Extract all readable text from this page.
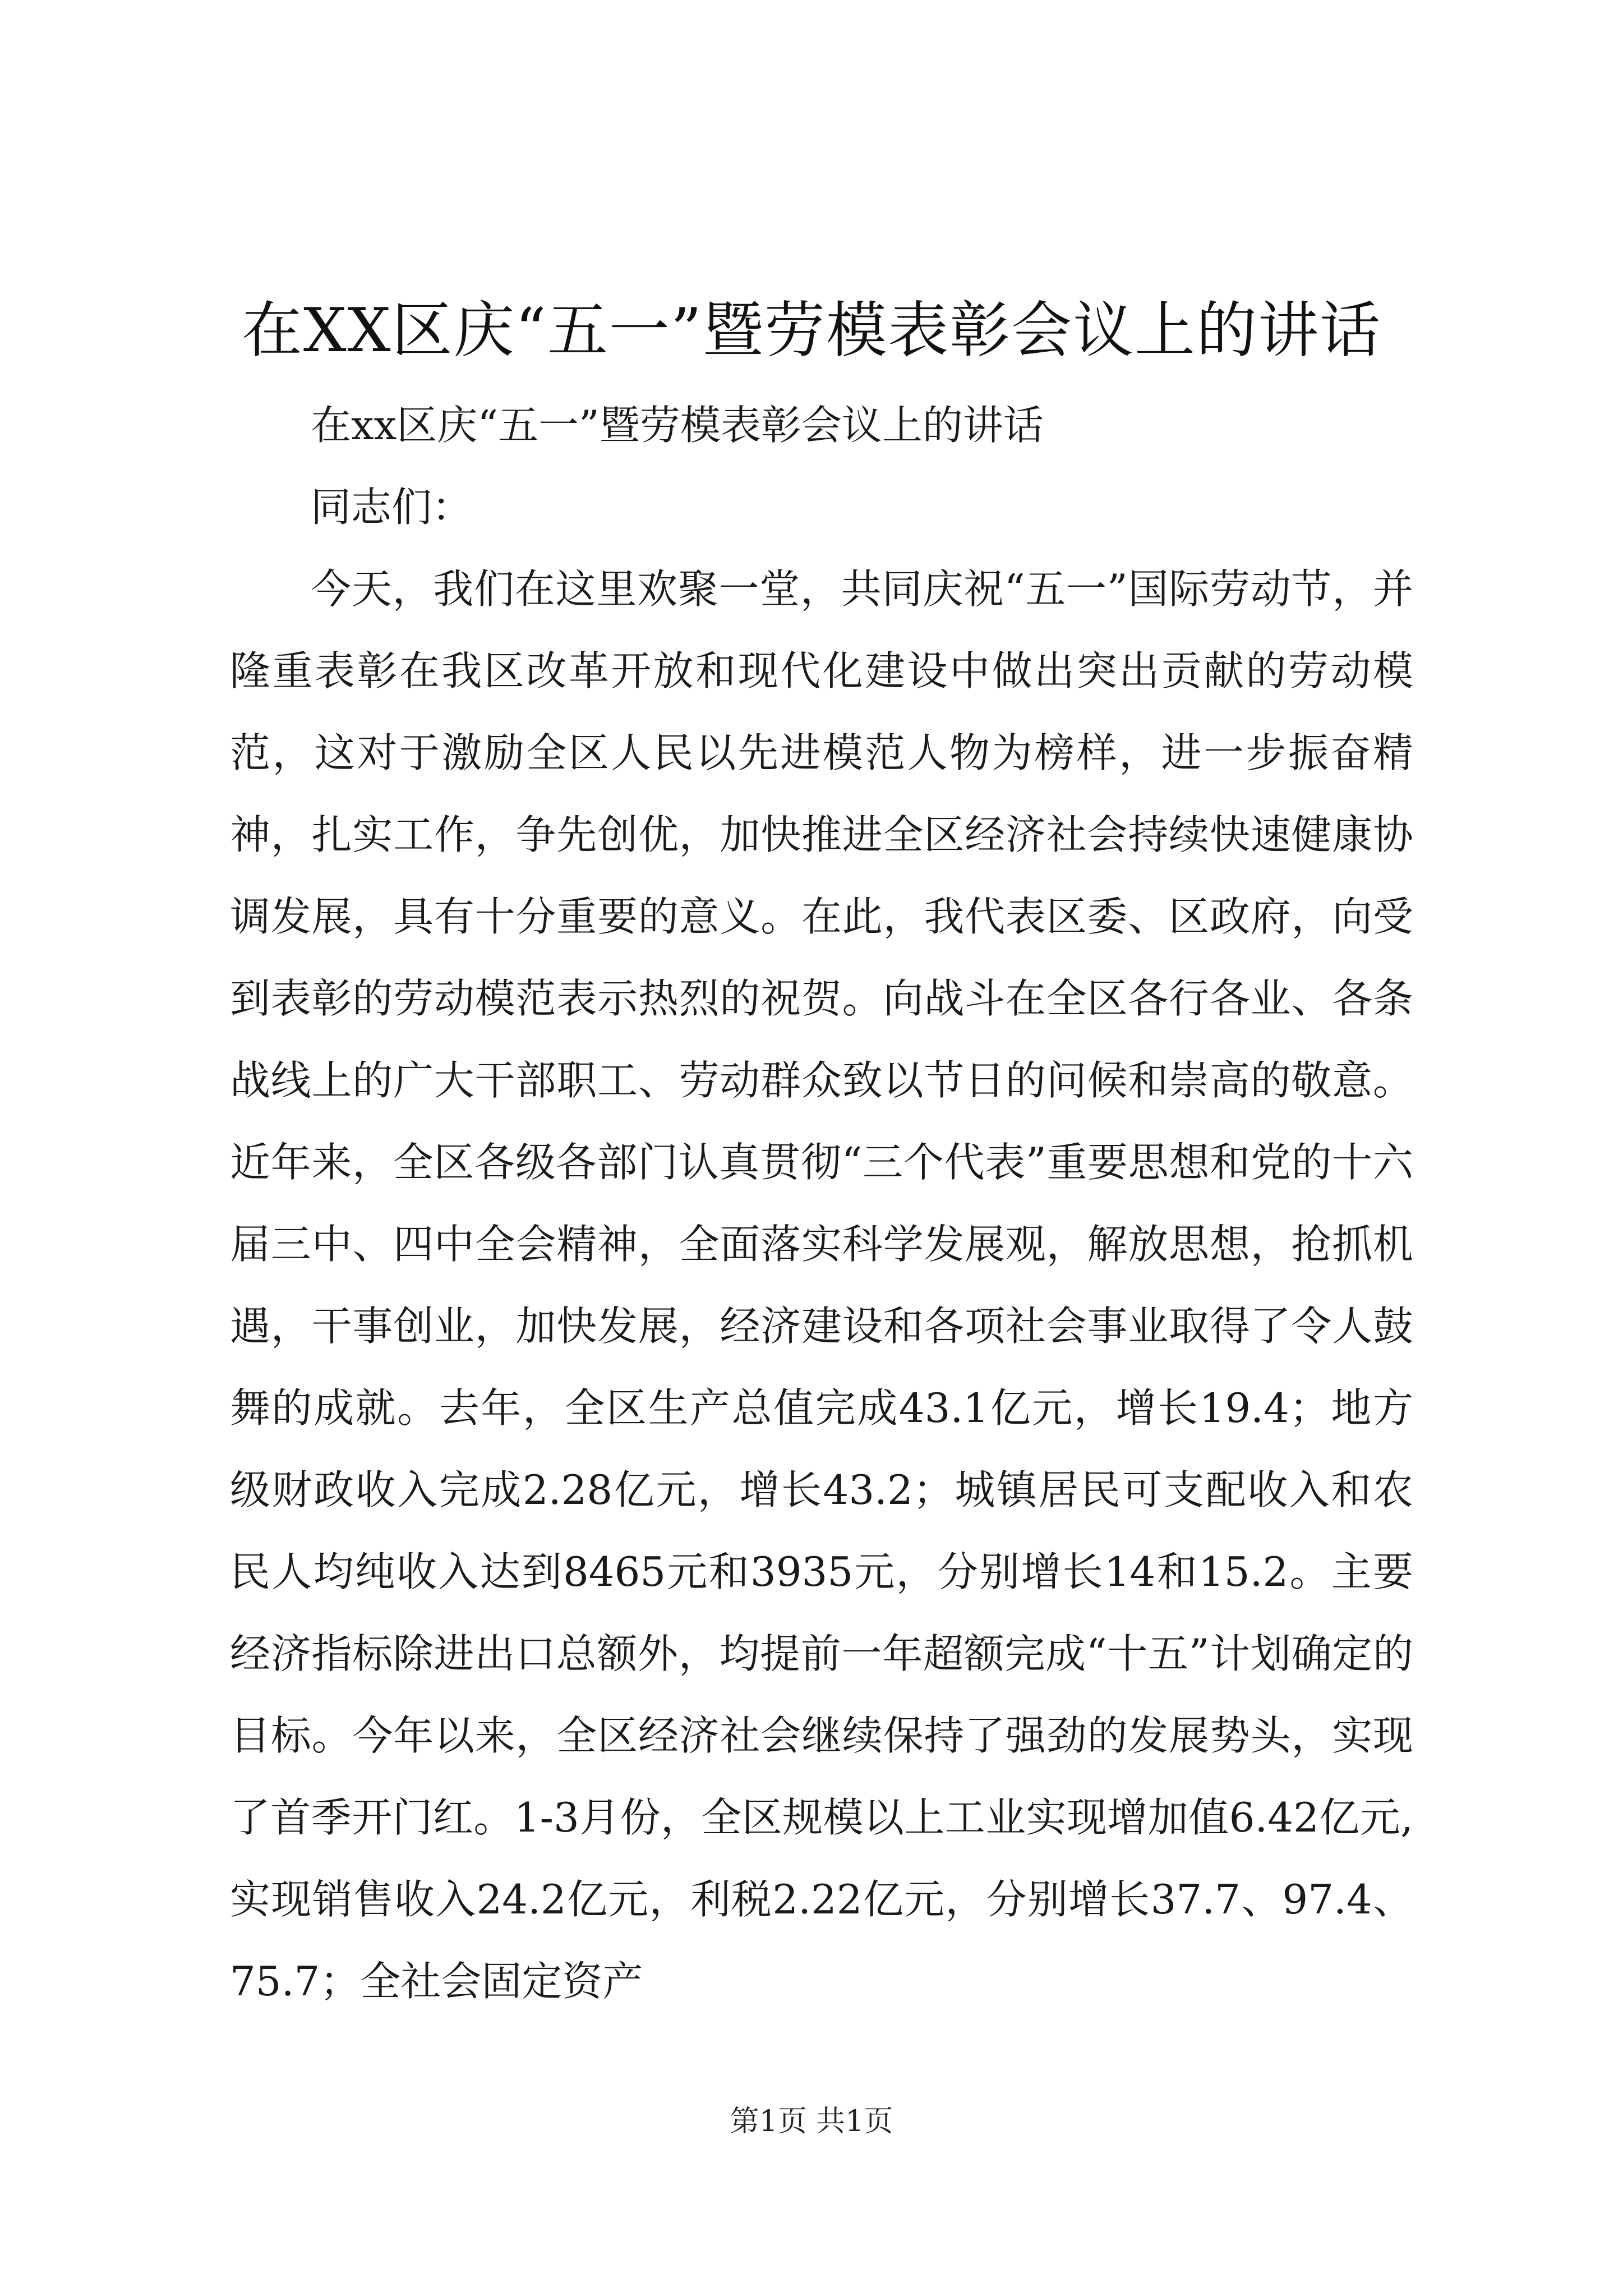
在XX区庆“五一”暨劳模表彰会议上的讲话

在xx区庆“五一”暨劳模表彰会议上的讲话

同志们：

今天，我们在这里欢聚一堂，共同庆祝“五一”国际劳动节，并隆重表彰在我区改革开放和现代化建设中做出突出贡献的劳动模范，这对于激励全区人民以先进模范人物为榜样，进一步振奋精神，扎实工作，争先创优，加快推进全区经济社会持续快速健康协调发展，具有十分重要的意义。在此，我代表区委、区政府，向受到表彰的劳动模范表示热烈的祝贺。向战斗在全区各行各业、各条战线上的广大干部职工、劳动群众致以节日的问候和崇高的敬意。近年来，全区各级各部门认真贯彻“三个代表”重要思想和党的十六届三中、四中全会精神，全面落实科学发展观，解放思想，抢抓机遇，干事创业，加快发展，经济建设和各项社会事业取得了令人鼓舞的成就。去年，全区生产总值完成43.1亿元，增长19.4；地方级财政收入完成2.28亿元，增长43.2；城镇居民可支配收入和农民人均纯收入达到8465元和3935元，分别增长14和15.2。主要经济指标除进出口总额外，均提前一年超额完成“十五”计划确定的目标。今年以来，全区经济社会继续保持了强劲的发展势头，实现了首季开门红。1-3月份，全区规模以上工业实现增加值6.42亿元,实现销售收入24.2亿元，利税2.22亿元，分别增长37.7、97.4、75.7；全社会固定资产

第1页 共1页
